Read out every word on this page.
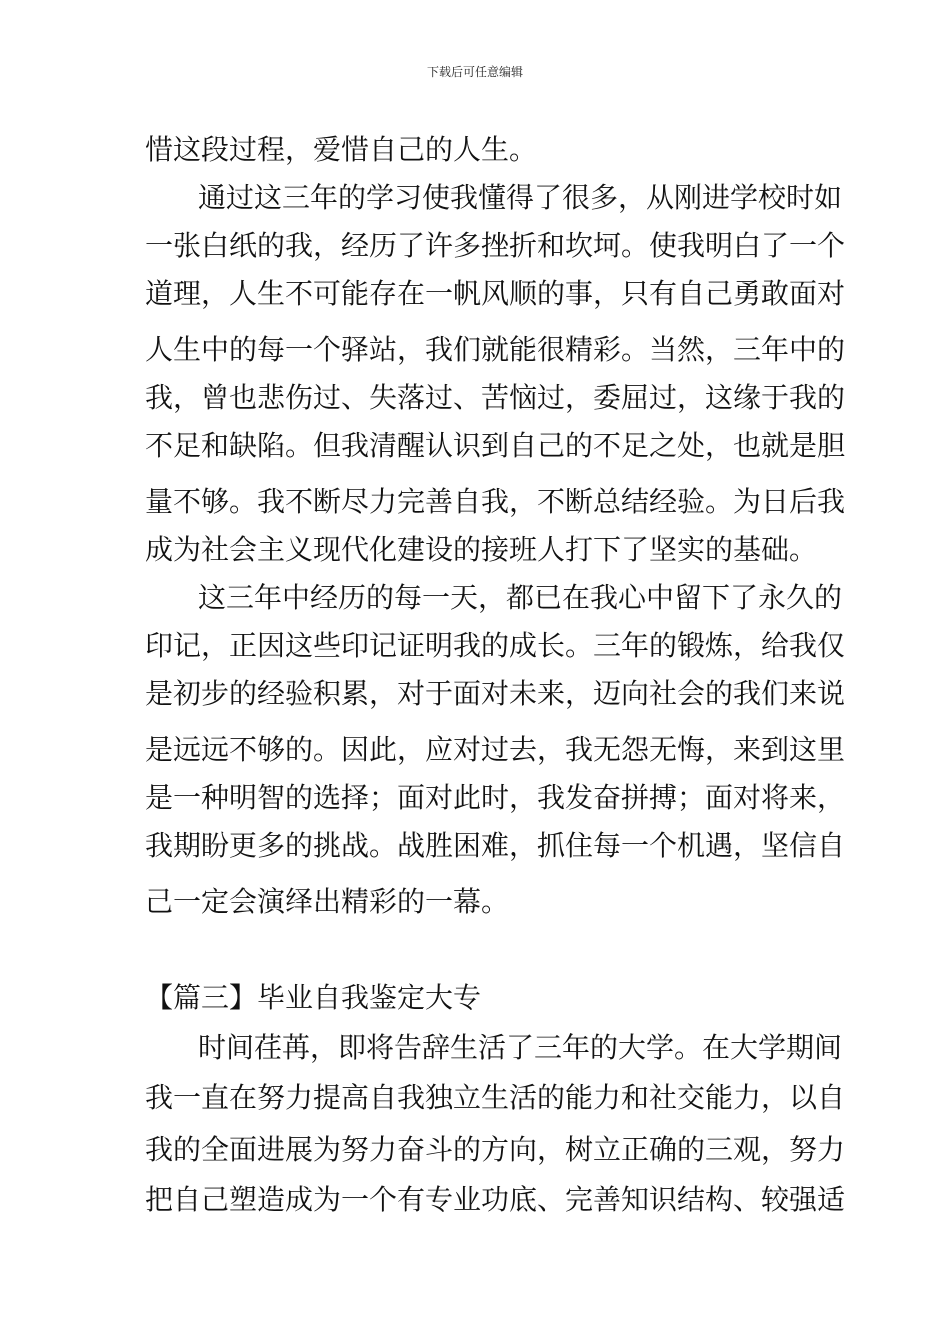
下载后可任意编辑
惜这段过程，爱惜自己的人生。
通过这三年的学习使我懂得了很多，从刚进学校时如
一张白纸的我，经历了许多挫折和坎坷。使我明白了一个
道理，人生不可能存在一帆风顺的事，只有自己勇敢面对
人生中的每一个驿站，我们就能很精彩。当然，三年中的
我，曾也悲伤过、失落过、苦恼过，委屈过，这缘于我的
不足和缺陷。但我清醒认识到自己的不足之处，也就是胆
量不够。我不断尽力完善自我，不断总结经验。为日后我
成为社会主义现代化建设的接班人打下了坚实的基础。
这三年中经历的每一天，都已在我心中留下了永久的
印记，正因这些印记证明我的成长。三年的锻炼，给我仅
是初步的经验积累，对于面对未来，迈向社会的我们来说
是远远不够的。因此，应对过去，我无怨无悔，来到这里
是一种明智的选择；面对此时，我发奋拼搏；面对将来，
我期盼更多的挑战。战胜困难，抓住每一个机遇，坚信自
己一定会演绎出精彩的一幕。
【篇三】毕业自我鉴定大专
时间荏苒，即将告辞生活了三年的大学。在大学期间
我一直在努力提高自我独立生活的能力和社交能力，以自
我的全面进展为努力奋斗的方向，树立正确的三观，努力
把自己塑造成为一个有专业功底、完善知识结构、较强适
